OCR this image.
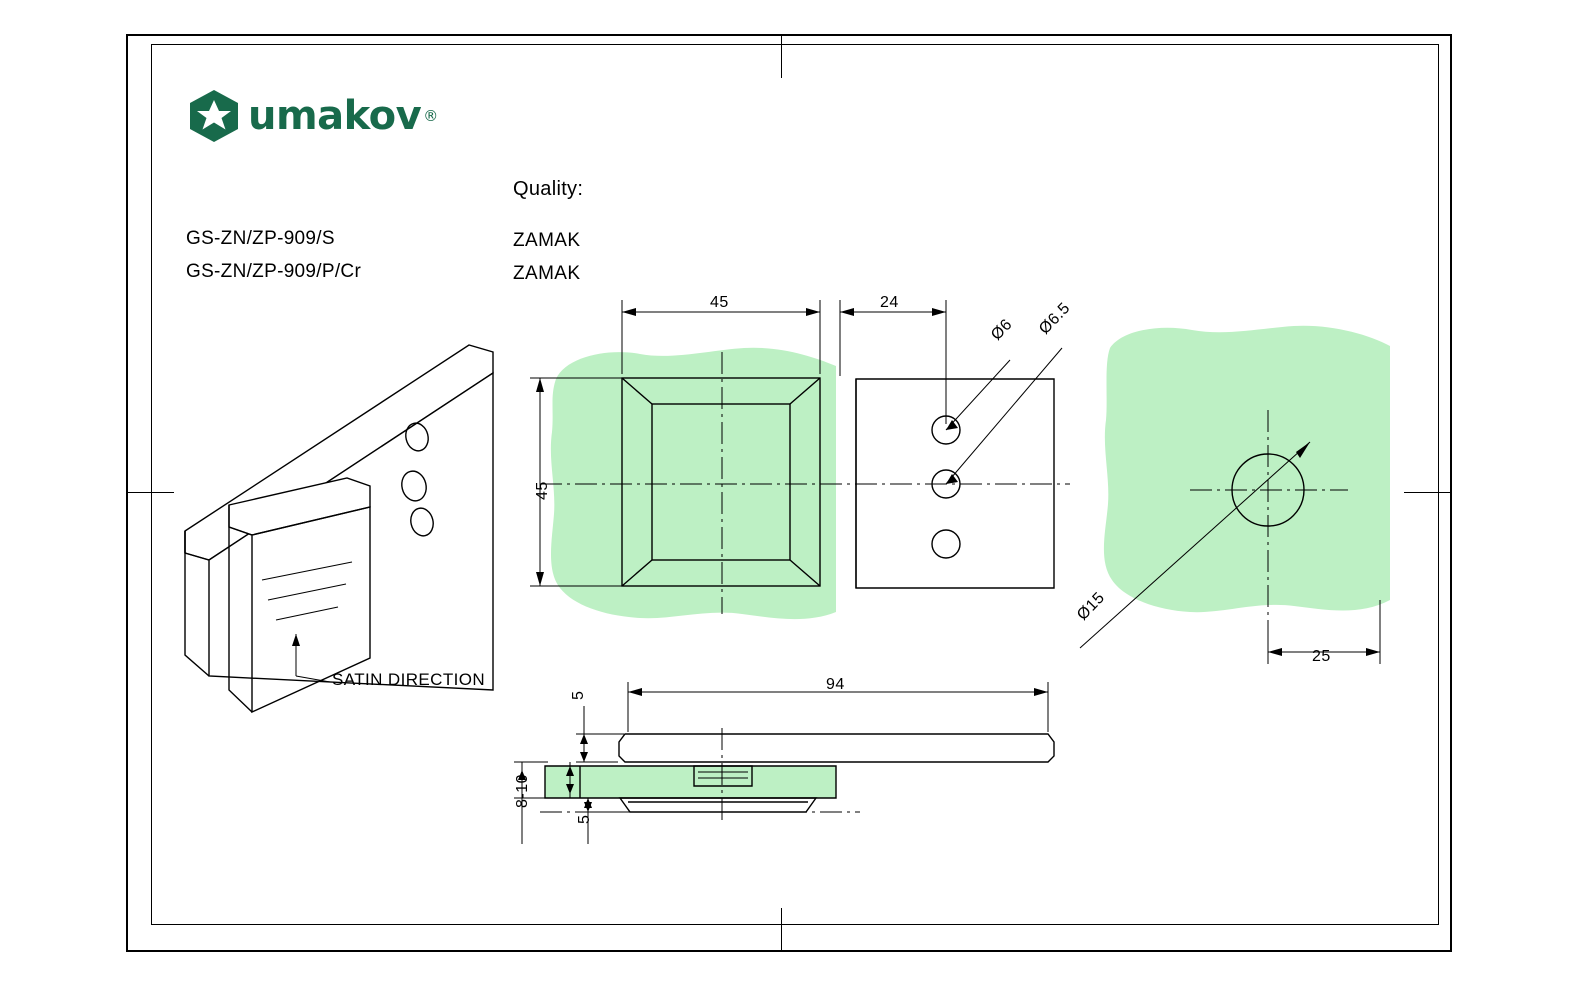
umakov ®
GS-ZN/ZP-909/S
GS-ZN/ZP-909/P/Cr
Quality:
ZAMAK
ZAMAK
45	24
45
Ø6 Ø6.5
Ø15
25
94
5
8-10
5
SATIN DIRECTION
